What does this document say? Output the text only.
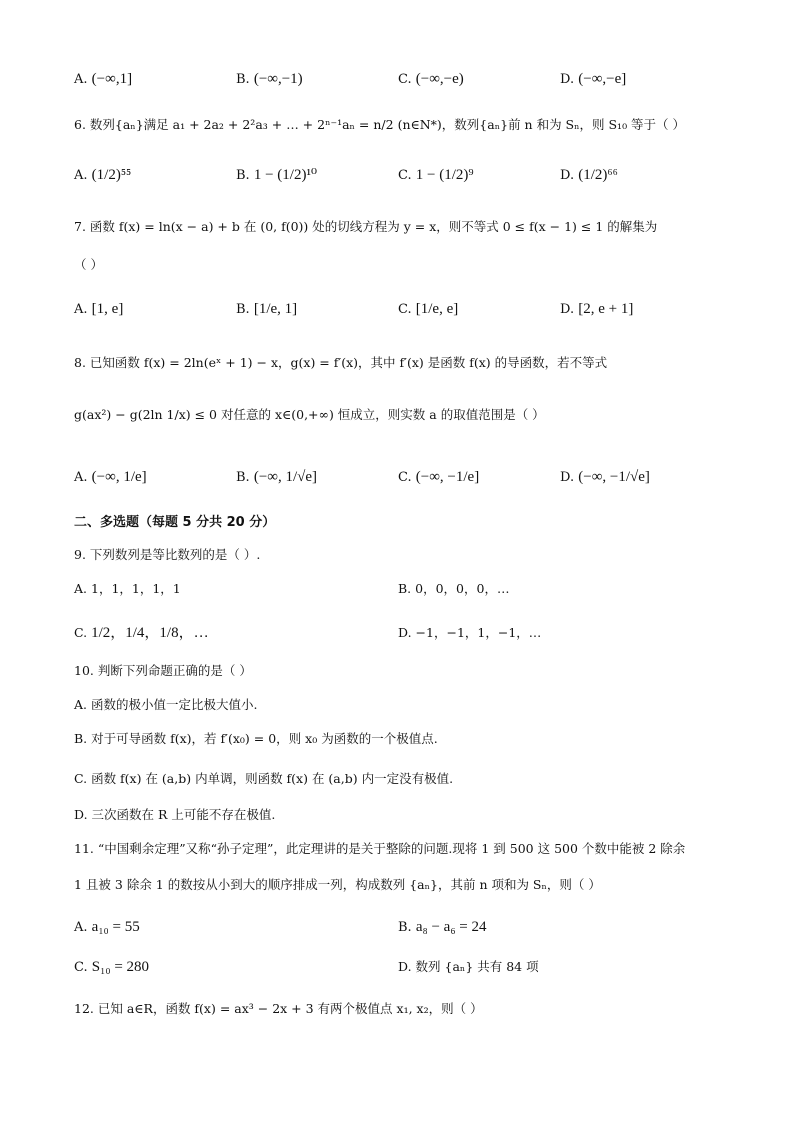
A. (−∞,1]	B. (−∞,−1)	C. (−∞,−e)	D. (−∞,−e]
6. 数列{aₙ}满足 a₁ + 2a₂ + 2²a₃ + … + 2ⁿ⁻¹aₙ = n/2 (n∈N*)，数列{aₙ}前 n 和为 Sₙ，则 S₁₀ 等于（ ）
A. (1/2)⁵⁵	B. 1 − (1/2)¹⁰	C. 1 − (1/2)⁹	D. (1/2)⁶⁶
7. 函数 f(x) = ln(x − a) + b 在 (0, f(0)) 处的切线方程为 y = x，则不等式 0 ≤ f(x − 1) ≤ 1 的解集为
（ ）
A. [1, e]	B. [1/e, 1]	C. [1/e, e]	D. [2, e + 1]
8. 已知函数 f(x) = 2ln(eˣ + 1) − x，g(x) = f′(x)，其中 f′(x) 是函数 f(x) 的导函数，若不等式
g(ax²) − g(2ln 1/x) ≤ 0 对任意的 x∈(0,+∞) 恒成立，则实数 a 的取值范围是（ ）
A. (−∞, 1/e]	B. (−∞, 1/√e]	C. (−∞, −1/e]	D. (−∞, −1/√e]
二、多选题（每题 5 分共 20 分）
9. 下列数列是等比数列的是（ ）.
A. 1，1，1，1，1	B. 0，0，0，0，…
C. 1/2，1/4，1/8，…	D. −1，−1，1，−1，…
10. 判断下列命题正确的是（ ）
A. 函数的极小值一定比极大值小.
B. 对于可导函数 f(x)，若 f′(x₀) = 0，则 x₀ 为函数的一个极值点.
C. 函数 f(x) 在 (a,b) 内单调，则函数 f(x) 在 (a,b) 内一定没有极值.
D. 三次函数在 R 上可能不存在极值.
11. “中国剩余定理”又称“孙子定理”，此定理讲的是关于整除的问题.现将 1 到 500 这 500 个数中能被 2 除余
1 且被 3 除余 1 的数按从小到大的顺序排成一列，构成数列 {aₙ}，其前 n 项和为 Sₙ，则（ ）
A. a₁₀ = 55	B. a₈ − a₆ = 24
C. S₁₀ = 280	D. 数列 {aₙ} 共有 84 项
12. 已知 a∈R，函数 f(x) = ax³ − 2x + 3 有两个极值点 x₁, x₂，则（ ）
